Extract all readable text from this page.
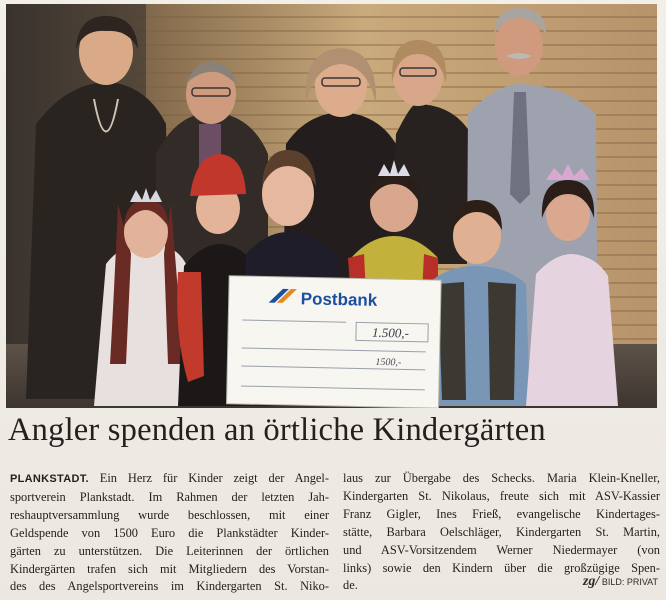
Postbank
1.500,-
1500,-
Angler spenden an örtliche Kindergärten
PLANKSTADT. Ein Herz für Kinder zeigt der Angel-
sportverein Plankstadt. Im Rahmen der letzten Jah-
reshauptversammlung wurde beschlossen, mit einer
Geldspende von 1500 Euro die Plankstädter Kinder-
gärten zu unterstützen. Die Leiterinnen der örtlichen
Kindergärten trafen sich mit Mitgliedern des Vorstan-
des des Angelsportvereins im Kindergarten St. Niko-
laus zur Übergabe des Schecks. Maria Klein-Kneller,
Kindergarten St. Nikolaus, freute sich mit ASV-Kassier
Franz Gigler, Ines Frieß, evangelische Kindertages-
stätte, Barbara Oelschläger, Kindergarten St. Martin,
und ASV-Vorsitzendem Werner Niedermayer (von
links) sowie den Kindern über die großzügige Spen-
de.	zg/ BILD: PRIVAT
